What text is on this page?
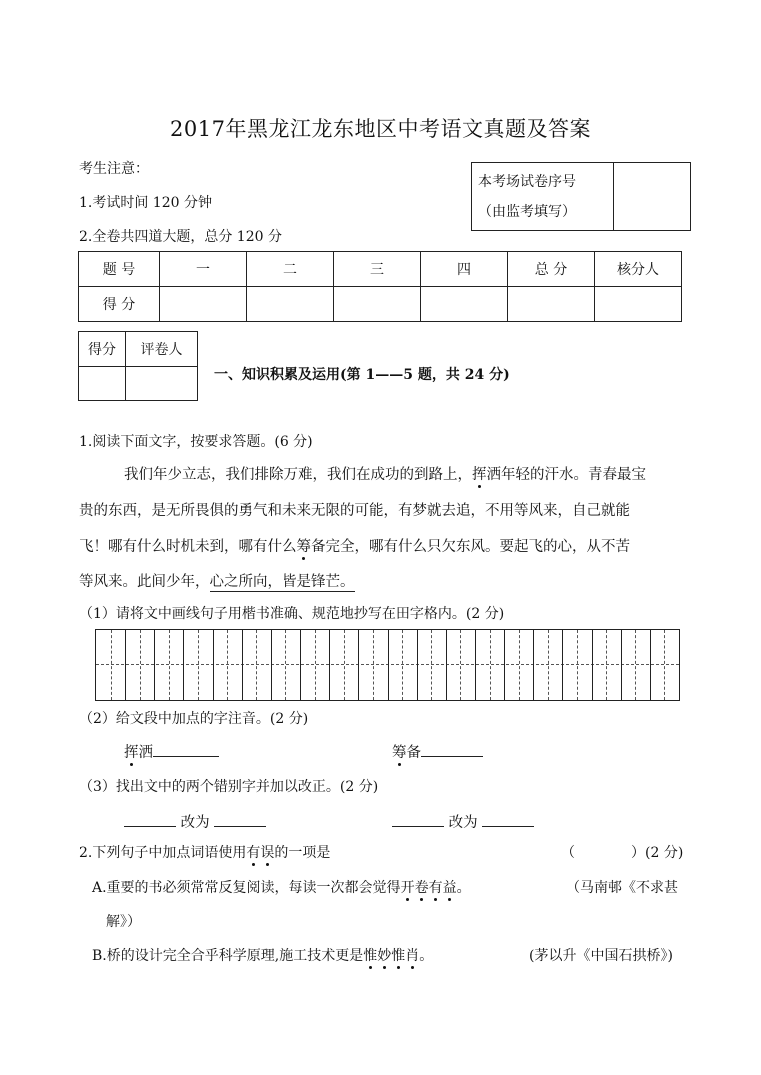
2017年黑龙江龙东地区中考语文真题及答案
考生注意：
1.考试时间 120 分钟
2.全卷共四道大题，总分 120 分
本考场试卷序号
（由监考填写）

题 号	一	二	三	四	总 分	核分人
得 分						
得分	评卷人

一、知识积累及运用(第 1——5 题，共 24 分)
1.阅读下面文字，按要求答题。(6 分)
我们年少立志，我们排除万难，我们在成功的到路上，挥洒年轻的汗水。青春最宝
贵的东西，是无所畏俱的勇气和未来无限的可能，有梦就去追，不用等风来，自己就能
飞！哪有什么时机未到，哪有什么筹备完全，哪有什么只欠东风。要起飞的心，从不苦
等风来。此间少年，心之所向，皆是锋芒。
（1）请将文中画线句子用楷书准确、规范地抄写在田字格内。(2 分)
（2）给文段中加点的字注音。(2 分)
挥洒	筹备
（3）找出文中的两个错别字并加以改正。(2 分)
改为	改为
2.下列句子中加点词语使用有误的一项是	（　　　　）(2 分)
A.重要的书必须常常反复阅读，每读一次都会觉得开卷有益。	（马南邨《不求甚
解》）
B.桥的设计完全合乎科学原理,施工技术更是惟妙惟肖。	(茅以升《中国石拱桥》)
